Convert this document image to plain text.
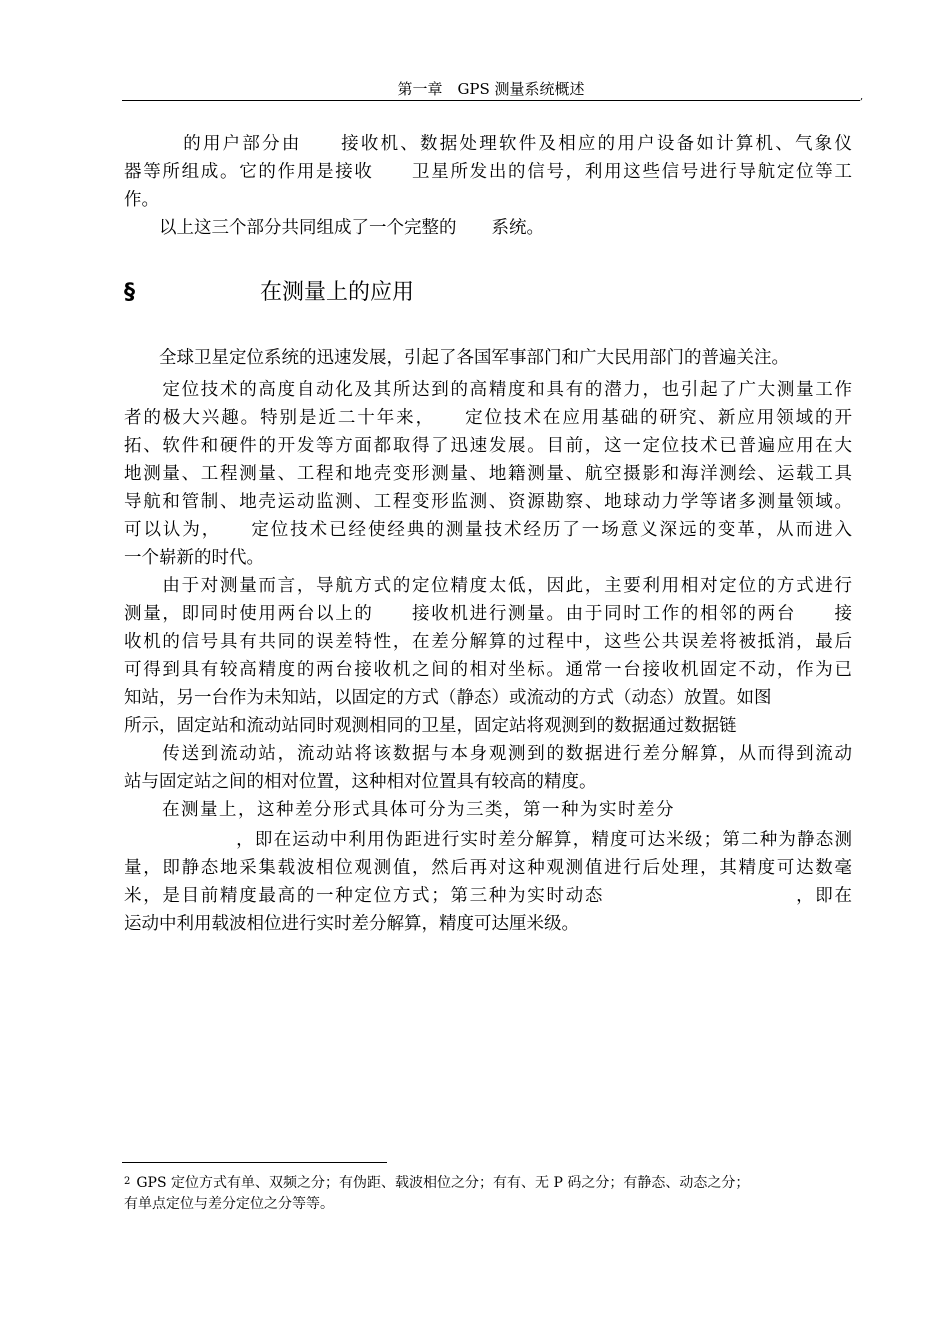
第一章　GPS 测量系统概述	,
　　　的用户部分由　　接收机、数据处理软件及相应的用户设备如计算机、气象仪
器等所组成。它的作用是接收　　卫星所发出的信号，利用这些信号进行导航定位等工
作。
　　以上这三个部分共同组成了一个完整的　　系统。
§	在测量上的应用
　　全球卫星定位系统的迅速发展，引起了各国军事部门和广大民用部门的普遍关注。
　　定位技术的高度自动化及其所达到的高精度和具有的潜力，也引起了广大测量工作
者的极大兴趣。特别是近二十年来，　　定位技术在应用基础的研究、新应用领域的开
拓、软件和硬件的开发等方面都取得了迅速发展。目前，这一定位技术已普遍应用在大
地测量、工程测量、工程和地壳变形测量、地籍测量、航空摄影和海洋测绘、运载工具
导航和管制、地壳运动监测、工程变形监测、资源勘察、地球动力学等诸多测量领域。
可以认为，　　定位技术已经使经典的测量技术经历了一场意义深远的变革，从而进入
一个崭新的时代。
　　由于对测量而言，导航方式的定位精度太低，因此，主要利用相对定位的方式进行
测量，即同时使用两台以上的　　接收机进行测量。由于同时工作的相邻的两台　　接
收机的信号具有共同的误差特性，在差分解算的过程中，这些公共误差将被抵消，最后
可得到具有较高精度的两台接收机之间的相对坐标。通常一台接收机固定不动，作为已
知站，另一台作为未知站，以固定的方式（静态）或流动的方式（动态）放置。如图
所示，固定站和流动站同时观测相同的卫星，固定站将观测到的数据通过数据链
　　传送到流动站，流动站将该数据与本身观测到的数据进行差分解算，从而得到流动
站与固定站之间的相对位置，这种相对位置具有较高的精度。
　　在测量上，这种差分形式具体可分为三类，第一种为实时差分
　　　　　　，即在运动中利用伪距进行实时差分解算，精度可达米级；第二种为静态测
量，即静态地采集载波相位观测值，然后再对这种观测值进行后处理，其精度可达数毫
米，是目前精度最高的一种定位方式；第三种为实时动态　　　　　　　　　　，即在
运动中利用载波相位进行实时差分解算，精度可达厘米级。
$^2$ GPS 定位方式有单、双频之分；有伪距、载波相位之分；有有、无 P 码之分；有静态、动态之分；
有单点定位与差分定位之分等等。
